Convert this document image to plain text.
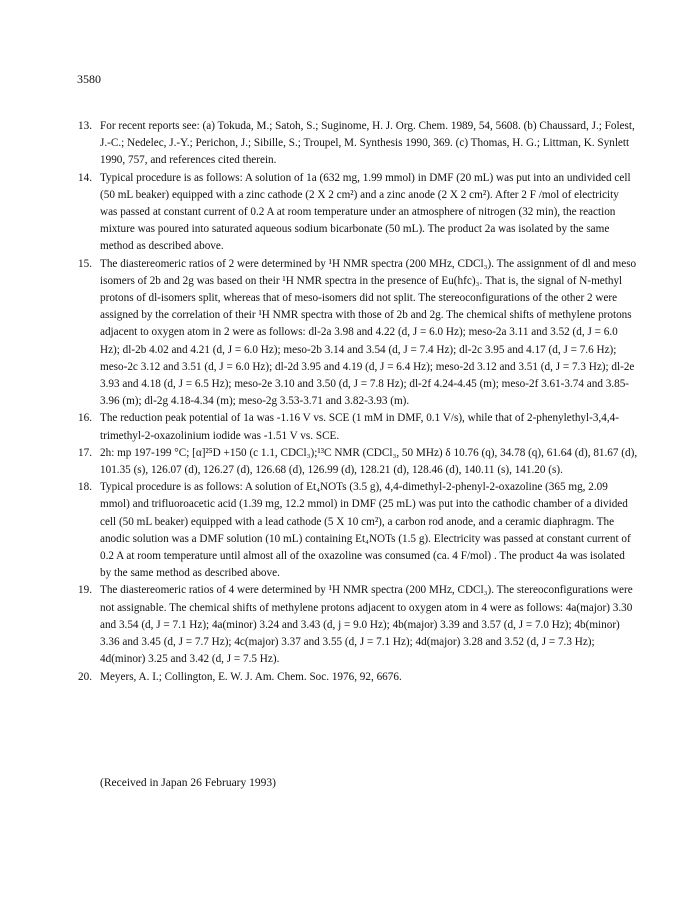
3580
13. For recent reports see: (a) Tokuda, M.; Satoh, S.; Suginome, H. J. Org. Chem. 1989, 54, 5608. (b) Chaussard, J.; Folest, J.-C.; Nedelec, J.-Y.; Perichon, J.; Sibille, S.; Troupel, M. Synthesis 1990, 369. (c) Thomas, H. G.; Littman, K. Synlett 1990, 757, and references cited therein.
14. Typical procedure is as follows: A solution of 1a (632 mg, 1.99 mmol) in DMF (20 mL) was put into an undivided cell (50 mL beaker) equipped with a zinc cathode (2 X 2 cm²) and a zinc anode (2 X 2 cm²). After 2 F /mol of electricity was passed at constant current of 0.2 A at room temperature under an atmosphere of nitrogen (32 min), the reaction mixture was poured into saturated aqueous sodium bicarbonate (50 mL). The product 2a was isolated by the same method as described above.
15. The diastereomeric ratios of 2 were determined by ¹H NMR spectra (200 MHz, CDCl₃). The assignment of dl and meso isomers of 2b and 2g was based on their ¹H NMR spectra in the presence of Eu(hfc)₃. That is, the signal of N-methyl protons of dl-isomers split, whereas that of meso-isomers did not split. The stereoconfigurations of the other 2 were assigned by the correlation of their ¹H NMR spectra with those of 2b and 2g. The chemical shifts of methylene protons adjacent to oxygen atom in 2 were as follows: dl-2a 3.98 and 4.22 (d, J = 6.0 Hz); meso-2a 3.11 and 3.52 (d, J = 6.0 Hz); dl-2b 4.02 and 4.21 (d, J = 6.0 Hz); meso-2b 3.14 and 3.54 (d, J = 7.4 Hz); dl-2c 3.95 and 4.17 (d, J = 7.6 Hz); meso-2c 3.12 and 3.51 (d, J = 6.0 Hz); dl-2d 3.95 and 4.19 (d, J = 6.4 Hz); meso-2d 3.12 and 3.51 (d, J = 7.3 Hz); dl-2e 3.93 and 4.18 (d, J = 6.5 Hz); meso-2e 3.10 and 3.50 (d, J = 7.8 Hz); dl-2f 4.24-4.45 (m); meso-2f 3.61-3.74 and 3.85-3.96 (m); dl-2g 4.18-4.34 (m); meso-2g 3.53-3.71 and 3.82-3.93 (m).
16. The reduction peak potential of 1a was -1.16 V vs. SCE (1 mM in DMF, 0.1 V/s), while that of 2-phenylethyl-3,4,4-trimethyl-2-oxazolinium iodide was -1.51 V vs. SCE.
17. 2h: mp 197-199 °C; [α]²⁵D +150 (c 1.1, CDCl₃);¹³C NMR (CDCl₃, 50 MHz) δ 10.76 (q), 34.78 (q), 61.64 (d), 81.67 (d), 101.35 (s), 126.07 (d), 126.27 (d), 126.68 (d), 126.99 (d), 128.21 (d), 128.46 (d), 140.11 (s), 141.20 (s).
18. Typical procedure is as follows: A solution of Et₄NOTs (3.5 g), 4,4-dimethyl-2-phenyl-2-oxazoline (365 mg, 2.09 mmol) and trifluoroacetic acid (1.39 mg, 12.2 mmol) in DMF (25 mL) was put into the cathodic chamber of a divided cell (50 mL beaker) equipped with a lead cathode (5 X 10 cm²), a carbon rod anode, and a ceramic diaphragm. The anodic solution was a DMF solution (10 mL) containing Et₄NOTs (1.5 g). Electricity was passed at constant current of 0.2 A at room temperature until almost all of the oxazoline was consumed (ca. 4 F/mol) . The product 4a was isolated by the same method as described above.
19. The diastereomeric ratios of 4 were determined by ¹H NMR spectra (200 MHz, CDCl₃). The stereoconfigurations were not assignable. The chemical shifts of methylene protons adjacent to oxygen atom in 4 were as follows: 4a(major) 3.30 and 3.54 (d, J = 7.1 Hz); 4a(minor) 3.24 and 3.43 (d, j = 9.0 Hz); 4b(major) 3.39 and 3.57 (d, J = 7.0 Hz); 4b(minor) 3.36 and 3.45 (d, J = 7.7 Hz); 4c(major) 3.37 and 3.55 (d, J = 7.1 Hz); 4d(major) 3.28 and 3.52 (d, J = 7.3 Hz); 4d(minor) 3.25 and 3.42 (d, J = 7.5 Hz).
20. Meyers, A. I.; Collington, E. W. J. Am. Chem. Soc. 1976, 92, 6676.
(Received in Japan 26 February 1993)
